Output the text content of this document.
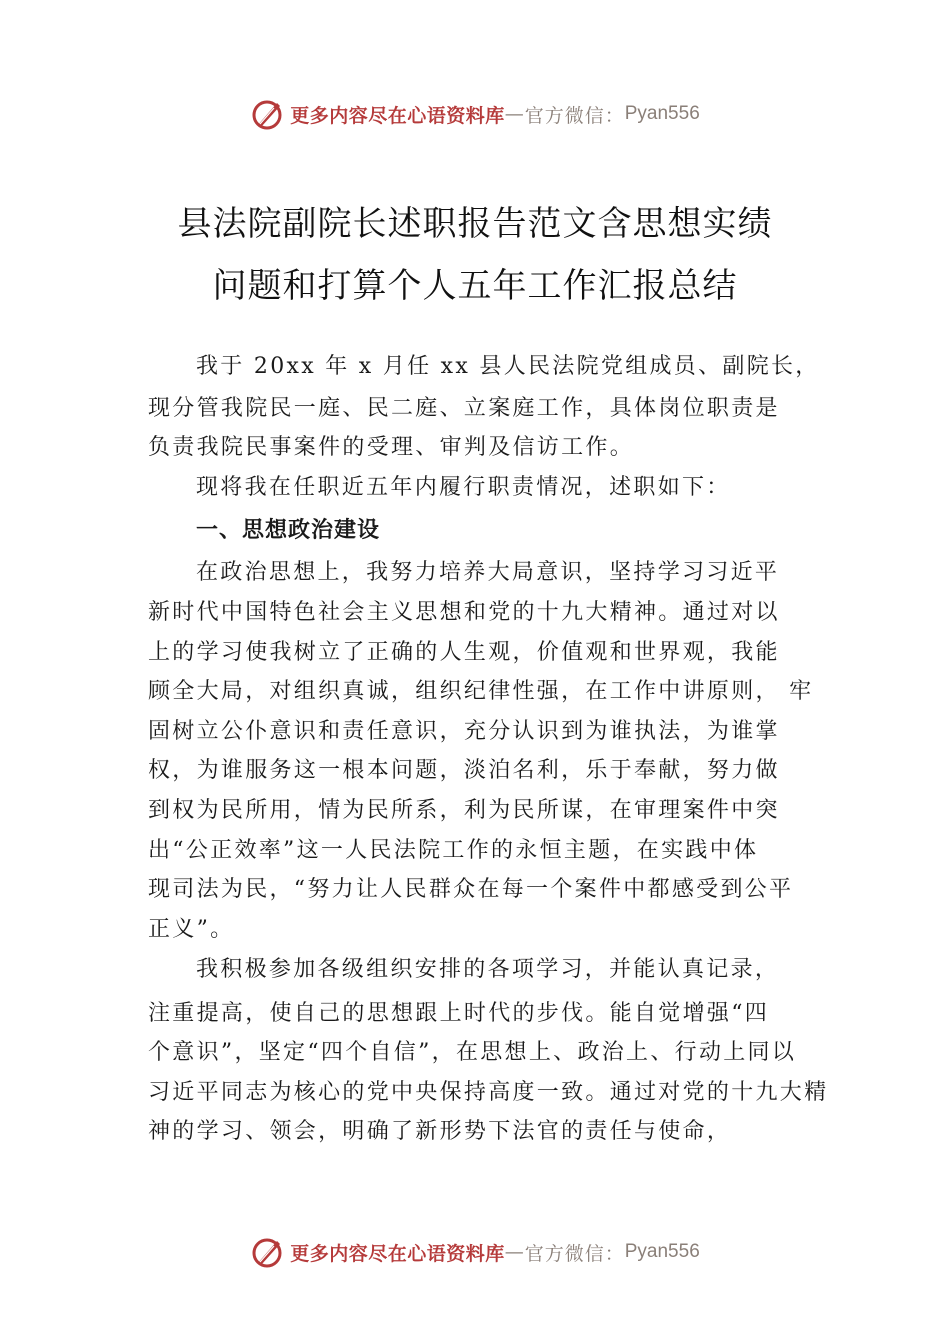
更多内容尽在心语资料库 — 官方微信： Pyan556
县法院副院长述职报告范文含思想实绩
问题和打算个人五年工作汇报总结
我于 20xx 年 x 月任 xx 县人民法院党组成员、副院长，
现分管我院民一庭、民二庭、立案庭工作，具体岗位职责是
负责我院民事案件的受理、审判及信访工作。
现将我在任职近五年内履行职责情况，述职如下：
一、思想政治建设
在政治思想上，我努力培养大局意识，坚持学习习近平
新时代中国特色社会主义思想和党的十九大精神。通过对以
上的学习使我树立了正确的人生观，价值观和世界观，我能
顾全大局，对组织真诚，组织纪律性强，在工作中讲原则， 牢
固树立公仆意识和责任意识，充分认识到为谁执法，为谁掌
权，为谁服务这一根本问题，淡泊名利，乐于奉献，努力做
到权为民所用，情为民所系，利为民所谋，在审理案件中突
出“公正效率”这一人民法院工作的永恒主题，在实践中体
现司法为民，“努力让人民群众在每一个案件中都感受到公平
正义”。
我积极参加各级组织安排的各项学习，并能认真记录，
注重提高，使自己的思想跟上时代的步伐。能自觉增强“四
个意识”，坚定“四个自信”，在思想上、政治上、行动上同以
习近平同志为核心的党中央保持高度一致。通过对党的十九大精
神的学习、领会，明确了新形势下法官的责任与使命，
更多内容尽在心语资料库 — 官方微信： Pyan556
